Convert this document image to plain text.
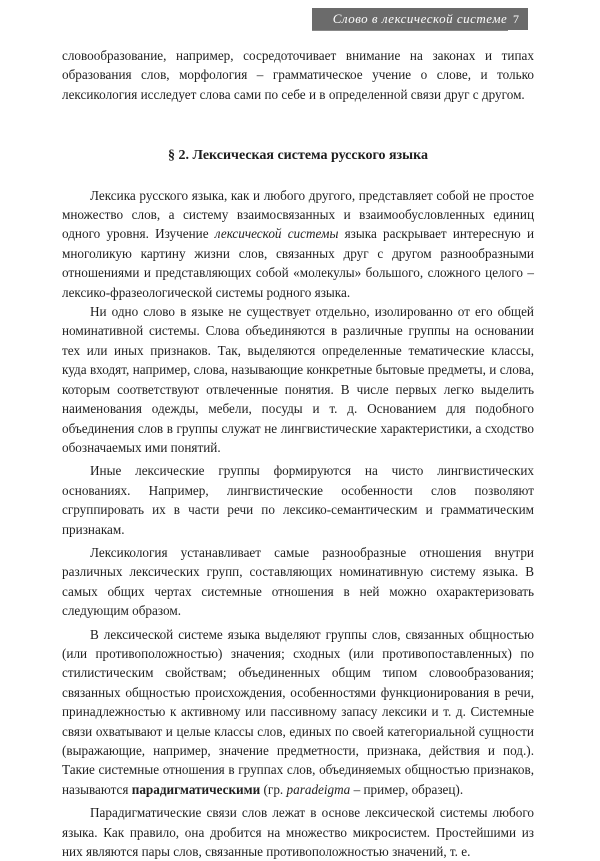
Слово в лексической системе 7

словообразование, например, сосредоточивает внимание на законах и типах образования слов, морфология – грамматическое учение о слове, и только лексикология исследует слова сами по себе и в определенной связи друг с другом.

§ 2. Лексическая система русского языка

Лексика русского языка, как и любого другого, представляет собой не простое множество слов, а систему взаимосвязанных и взаимообусловленных единиц одного уровня. Изучение лексической системы языка раскрывает интересную и многоликую картину жизни слов, связанных друг с другом разнообразными отношениями и представляющих собой «молекулы» большого, сложного целого – лексико-фразеологической системы родного языка.

Ни одно слово в языке не существует отдельно, изолированно от его общей номинативной системы. Слова объединяются в различные группы на основании тех или иных признаков. Так, выделяются определенные тематические классы, куда входят, например, слова, называющие конкретные бытовые предметы, и слова, которым соответствуют отвлеченные понятия. В числе первых легко выделить наименования одежды, мебели, посуды и т. д. Основанием для подобного объединения слов в группы служат не лингвистические характеристики, а сходство обозначаемых ими понятий.

Иные лексические группы формируются на чисто лингвистических основаниях. Например, лингвистические особенности слов позволяют сгруппировать их в части речи по лексико-семантическим и грамматическим признакам.

Лексикология устанавливает самые разнообразные отношения внутри различных лексических групп, составляющих номинативную систему языка. В самых общих чертах системные отношения в ней можно охарактеризовать следующим образом.

В лексической системе языка выделяют группы слов, связанных общностью (или противоположностью) значения; сходных (или противопоставленных) по стилистическим свойствам; объединенных общим типом словообразования; связанных общностью происхождения, особенностями функционирования в речи, принадлежностью к активному или пассивному запасу лексики и т. д. Системные связи охватывают и целые классы слов, единых по своей категориальной сущности (выражающие, например, значение предметности, признака, действия и под.). Такие системные отношения в группах слов, объединяемых общностью признаков, называются парадигматическими (гр. paradeigma – пример, образец).

Парадигматические связи слов лежат в основе лексической системы любого языка. Как правило, она дробится на множество микросистем. Простейшими из них являются пары слов, связанные противоположностью значений, т. е.
